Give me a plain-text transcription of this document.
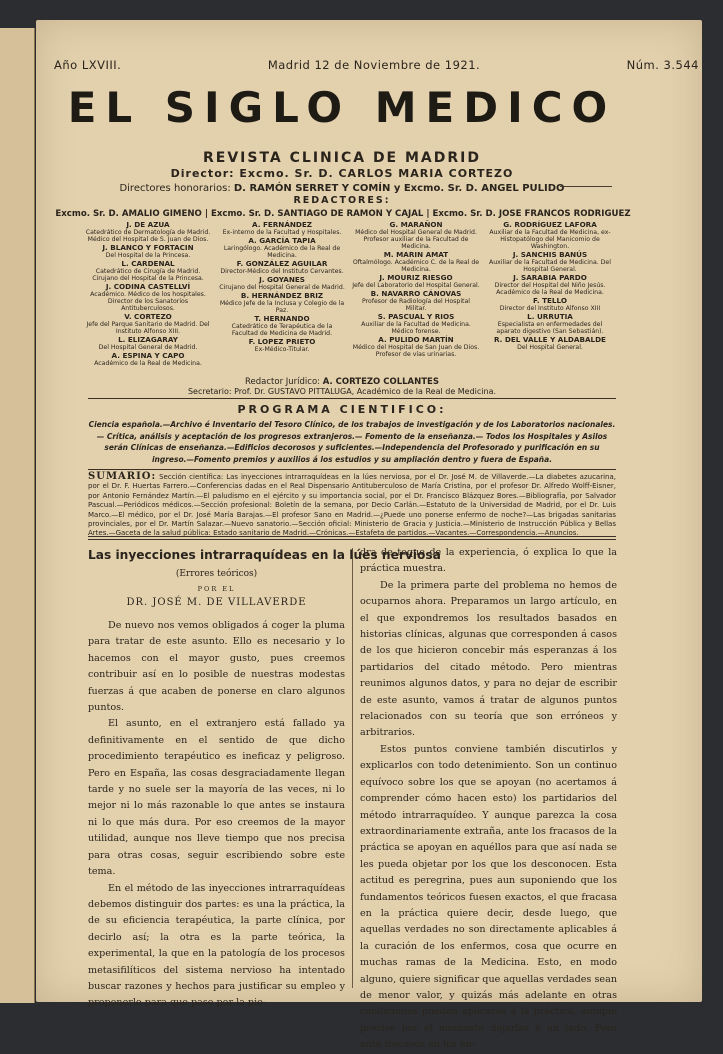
Año LXVIII.	Madrid 12 de Noviembre de 1921.	Núm. 3.544
EL SIGLO MEDICO
REVISTA CLINICA DE MADRID
Director: Excmo. Sr. D. CARLOS MARIA CORTEZO
Directores honorarios: D. RAMÓN SERRET Y COMÍN y Excmo. Sr. D. ANGEL PULIDO
REDACTORES:
Excmo. Sr. D. AMALIO GIMENO | Excmo. Sr. D. SANTIAGO DE RAMON Y CAJAL | Excmo. Sr. D. JOSE FRANCOS RODRIGUEZ
J. DE AZUA
Catedrático de Dermatología de Madrid. Médico del Hospital de S. Juan de Dios.
J. BLANCO Y FORTACIN
Del Hospital de la Princesa.
L. CARDENAL
Catedrático de Cirugía de Madrid. Cirujano del Hospital de la Princesa.
J. CODINA CASTELLVÍ
Académico. Médico de los hospitales. Director de los Sanatorios Antituberculosos.
V. CORTEZO
Jefe del Parque Sanitario de Madrid. Del Instituto Alfonso XIII.
L. ELIZAGARAY
Del Hospital General de Madrid.
A. ESPINA Y CAPO
Académico de la Real de Medicina.
A. FERNÁNDEZ
Ex-interno de la Facultad y Hospitales.
A. GARCÍA TAPIA
Laringólogo. Académico de la Real de Medicina.
F. GONZÁLEZ AGUILAR
Director-Médico del Instituto Cervantes.
J. GOYANES
Cirujano del Hospital General de Madrid.
B. HERNÁNDEZ BRIZ
Médico Jefe de la Inclusa y Colegio de la Paz.
T. HERNANDO
Catedrático de Terapéutica de la Facultad de Medicina de Madrid.
F. LOPEZ PRIETO
Ex-Médico-Titular.
G. MARAÑON
Médico del Hospital General de Madrid. Profesor auxiliar de la Facultad de Medicina.
M. MARIN AMAT
Oftalmólogo. Académico C. de la Real de Medicina.
J. MOURIZ RIESGO
Jefe del Laboratorio del Hospital General.
B. NAVARRO CÁNOVAS
Profesor de Radiología del Hospital Militar.
S. PASCUAL Y RIOS
Auxiliar de la Facultad de Medicina. Médico forense.
A. PULIDO MARTÍN
Médico del Hospital de San Juan de Dios. Profesor de vías urinarias.
G. RODRÍGUEZ LAFORA
Auxiliar de la Facultad de Medicina, ex-Histopatólogo del Manicomio de Washington.
J. SANCHIS BANÚS
Auxiliar de la Facultad de Medicina. Del Hospital General.
J. SARABIA PARDO
Director del Hospital del Niño Jesús. Académico de la Real de Medicina.
F. TELLO
Director del Instituto Alfonso XIII
L. URRUTIA
Especialista en enfermedades del aparato digestivo (San Sebastián).
R. DEL VALLE Y ALDABALDE
Del Hospital General.
Redactor Jurídico: A. CORTEZO COLLANTES
Secretario: Prof. Dr. GUSTAVO PITTALUGA, Académico de la Real de Medicina.
PROGRAMA CIENTIFICO:
Ciencia española.—Archivo é Inventario del Tesoro Clínico, de los trabajos de investigación y de los Laboratorios nacionales.— Crítica, análisis y aceptación de los progresos extranjeros.— Fomento de la enseñanza.— Todos los Hospitales y Asilos serán Clínicas de enseñanza.—Edificios decorosos y suficientes.—Independencia del Profesorado y purificación en su ingreso.—Fomento premios y auxilios á los estudios y su ampliación dentro y fuera de España.
SUMARIO: Sección científica: Las inyecciones intrarraquídeas en la lúes nerviosa, por el Dr. José M. de Villaverde.—La diabetes azucarina, por el Dr. F. Huertas Farrero.—Conferencias dadas en el Real Dispensario Antituberculoso de María Cristina, por el profesor Dr. Alfredo Wolff-Eisner, por Antonio Fernández Martín.—El paludismo en el ejército y su importancia social, por el Dr. Francisco Blázquez Bores.—Bibliografía, por Salvador Pascual.—Periódicos médicos.—Sección profesional: Boletín de la semana, por Decio Carlán.—Estatuto de la Universidad de Madrid, por el Dr. Luis Marco.—El médico, por el Dr. José María Barajas.—El profesor Sano en Madrid.—¿Puede uno ponerse enfermo de noche?—Las brigadas sanitarias provinciales, por el Dr. Martín Salazar.—Nuevo sanatorio.—Sección oficial: Ministerio de Gracia y Justicia.—Ministerio de Instrucción Pública y Bellas Artes.—Gaceta de la salud pública: Estado sanitario de Madrid.—Crónicas.—Estafeta de partidos.—Vacantes.—Correspondencia.—Anuncios.
Las inyecciones intrarraquídeas en la lúes nerviosa
(Errores teóricos)
POR EL
DR. JOSÉ M. DE VILLAVERDE

De nuevo nos vemos obligados á coger la pluma para tratar de este asunto. Ello es necesario y lo hacemos con el mayor gusto, pues creemos contribuir así en lo posible de nuestras modestas fuerzas á que acaben de ponerse en claro algunos puntos.

El asunto, en el extranjero está fallado ya definitivamente en el sentido de que dicho procedimiento terapéutico es ineficaz y peligroso. Pero en España, las cosas desgraciadamente llegan tarde y no suele ser la mayoría de las veces, ni lo mejor ni lo más razonable lo que antes se instaura ni lo que más dura. Por eso creemos de la mayor utilidad, aunque nos lleve tiempo que nos precisa para otras cosas, seguir escribiendo sobre este tema.

En el método de las inyecciones intrarraquídeas debemos distinguir dos partes: es una la práctica, la de su eficiencia terapéutica, la parte clínica, por decirlo así; la otra es la parte teórica, la experimental, la que en la patología de los procesos metasifilíticos del sistema nervioso ha intentado buscar razones y hechos para justificar su empleo y proponerlo para que pase por la pie-

dra de toque de la experiencia, ó explica lo que la práctica muestra.

De la primera parte del problema no hemos de ocuparnos ahora. Preparamos un largo artículo, en el que expondremos los resultados basados en historias clínicas, algunas que corresponden á casos de los que hicieron concebir más esperanzas á los partidarios del citado método. Pero mientras reunimos algunos datos, y para no dejar de escribir de este asunto, vamos á tratar de algunos puntos relacionados con su teoría que son erróneos y arbitrarios.

Estos puntos conviene también discutirlos y explicarlos con todo detenimiento. Son un continuo equívoco sobre los que se apoyan (no acertamos á comprender cómo hacen esto) los partidarios del método intrarraquídeo. Y aunque parezca la cosa extraordinariamente extraña, ante los fracasos de la práctica se apoyan en aquéllos para que así nada se les pueda objetar por los que los desconocen. Esta actitud es peregrina, pues aun suponiendo que los fundamentos teóricos fuesen exactos, el que fracasa en la práctica quiere decir, desde luego, que aquellas verdades no son directamente aplicables á la curación de los enfermos, cosa que ocurre en muchas ramas de la Medicina. Esto, en modo alguno, quiere significar que aquellas verdades sean de menor valor, y quizás más adelante en otras condiciones puedan aplicarse á la práctica, aunque precise por el momento dejarlas á un lado. Pero ante fracasos en los en-
